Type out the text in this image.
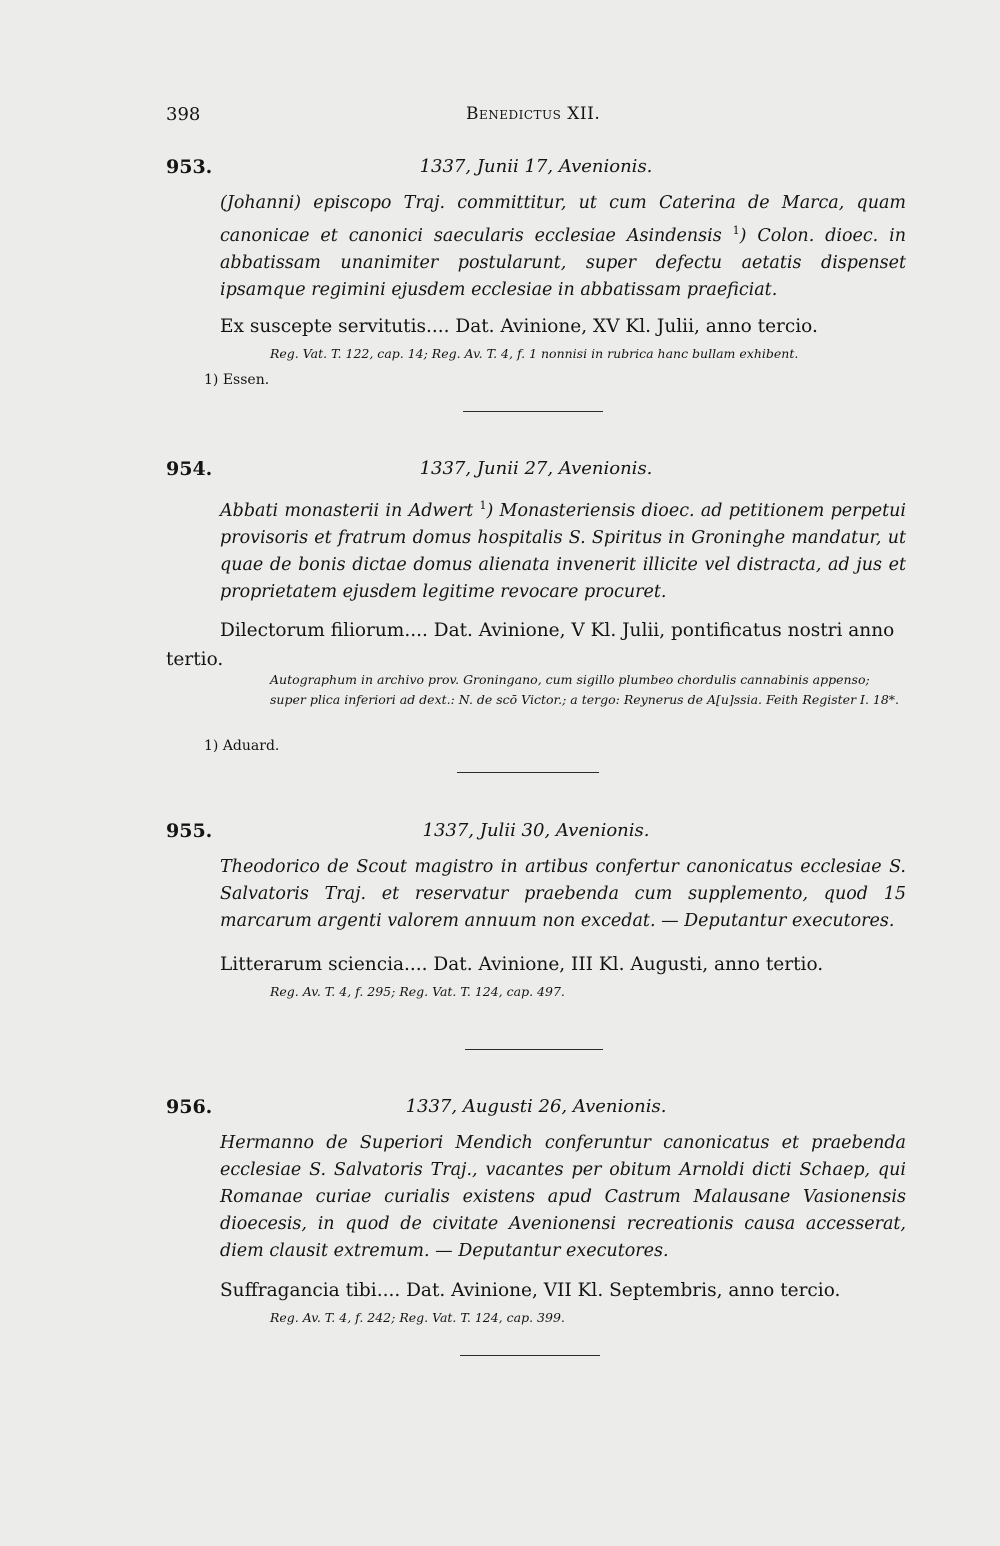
398	Benedictus XII.
953.	1337, Junii 17, Avenionis.
(Johanni) episcopo Traj. committitur, ut cum Caterina de Marca, quam canonicae et canonici saecularis ecclesiae Asindensis $^1$) Colon. dioec. in abbatissam unanimiter postularunt, super defectu aetatis dispenset ipsamque regimini ejusdem ecclesiae in abbatissam praeficiat.
Ex suscepte servitutis.... Dat. Avinione, XV Kl. Julii, anno tercio.
Reg. Vat. T. 122, cap. 14; Reg. Av. T. 4, f. 1 nonnisi in rubrica hanc bullam exhibent.
1) Essen.
954.	1337, Junii 27, Avenionis.
Abbati monasterii in Adwert $^1$) Monasteriensis dioec. ad petitionem perpetui provisoris et fratrum domus hospitalis S. Spiritus in Groninghe mandatur, ut quae de bonis dictae domus alienata invenerit illicite vel distracta, ad jus et proprietatem ejusdem legitime revocare procuret.
Dilectorum filiorum.... Dat. Avinione, V Kl. Julii, pontificatus nostri anno tertio.
Autographum in archivo prov. Groningano, cum sigillo plumbeo chordulis cannabinis appenso; super plica inferiori ad dext.: N. de scō Victor.; a tergo: Reynerus de A[u]ssia. Feith Register I. 18*.
1) Aduard.
955.	1337, Julii 30, Avenionis.
Theodorico de Scout magistro in artibus confertur canonicatus ecclesiae S. Salvatoris Traj. et reservatur praebenda cum supplemento, quod 15 marcarum argenti valorem annuum non excedat. — Deputantur executores.
Litterarum sciencia.... Dat. Avinione, III Kl. Augusti, anno tertio.
Reg. Av. T. 4, f. 295; Reg. Vat. T. 124, cap. 497.
956.	1337, Augusti 26, Avenionis.
Hermanno de Superiori Mendich conferuntur canonicatus et praebenda ecclesiae S. Salvatoris Traj., vacantes per obitum Arnoldi dicti Schaep, qui Romanae curiae curialis existens apud Castrum Malausane Vasionensis dioecesis, in quod de civitate Avenionensi recreationis causa accesserat, diem clausit extremum. — Deputantur executores.
Suffragancia tibi.... Dat. Avinione, VII Kl. Septembris, anno tercio.
Reg. Av. T. 4, f. 242; Reg. Vat. T. 124, cap. 399.
